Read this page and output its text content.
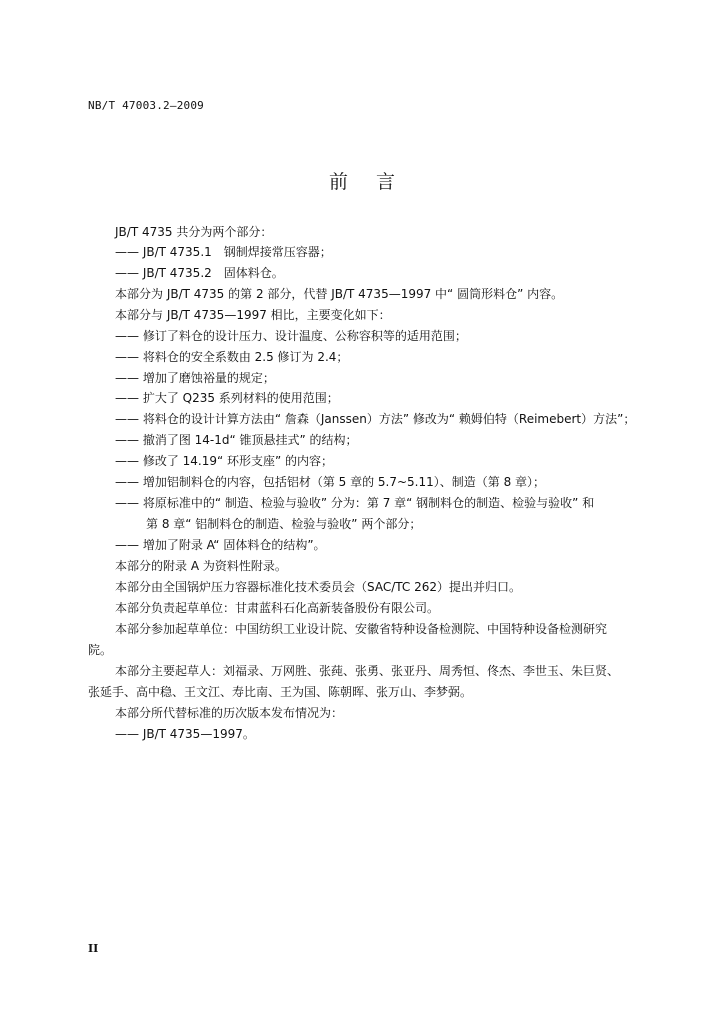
NB/T 47003.2—2009
前言
JB/T 4735 共分为两个部分：
—— JB/T 4735.1　钢制焊接常压容器；
—— JB/T 4735.2　固体料仓。
本部分为 JB/T 4735 的第 2 部分，代替 JB/T 4735—1997 中“ 圆筒形料仓” 内容。
本部分与 JB/T 4735—1997 相比，主要变化如下：
—— 修订了料仓的设计压力、设计温度、公称容积等的适用范围；
—— 将料仓的安全系数由 2.5 修订为 2.4；
—— 增加了磨蚀裕量的规定；
—— 扩大了 Q235 系列材料的使用范围；
—— 将料仓的设计计算方法由“ 詹森（Janssen）方法” 修改为“ 赖姆伯特（Reimebert）方法”；
—— 撤消了图 14-1d“ 锥顶悬挂式” 的结构；
—— 修改了 14.19“ 环形支座” 的内容；
—— 增加铝制料仓的内容，包括铝材（第 5 章的 5.7~5.11）、制造（第 8 章）；
—— 将原标准中的“ 制造、检验与验收” 分为：第 7 章“ 钢制料仓的制造、检验与验收” 和
第 8 章“ 铝制料仓的制造、检验与验收” 两个部分；
—— 增加了附录 A“ 固体料仓的结构”。
本部分的附录 A 为资料性附录。
本部分由全国锅炉压力容器标准化技术委员会（SAC/TC 262）提出并归口。
本部分负责起草单位：甘肃蓝科石化高新装备股份有限公司。
本部分参加起草单位：中国纺织工业设计院、安徽省特种设备检测院、中国特种设备检测研究
院。
本部分主要起草人：刘福录、万网胜、张莼、张勇、张亚丹、周秀恒、佟杰、李世玉、朱巨贤、
张延手、高中稳、王文江、寿比南、王为国、陈朝晖、张万山、李梦弼。
本部分所代替标准的历次版本发布情况为：
—— JB/T 4735—1997。
II
